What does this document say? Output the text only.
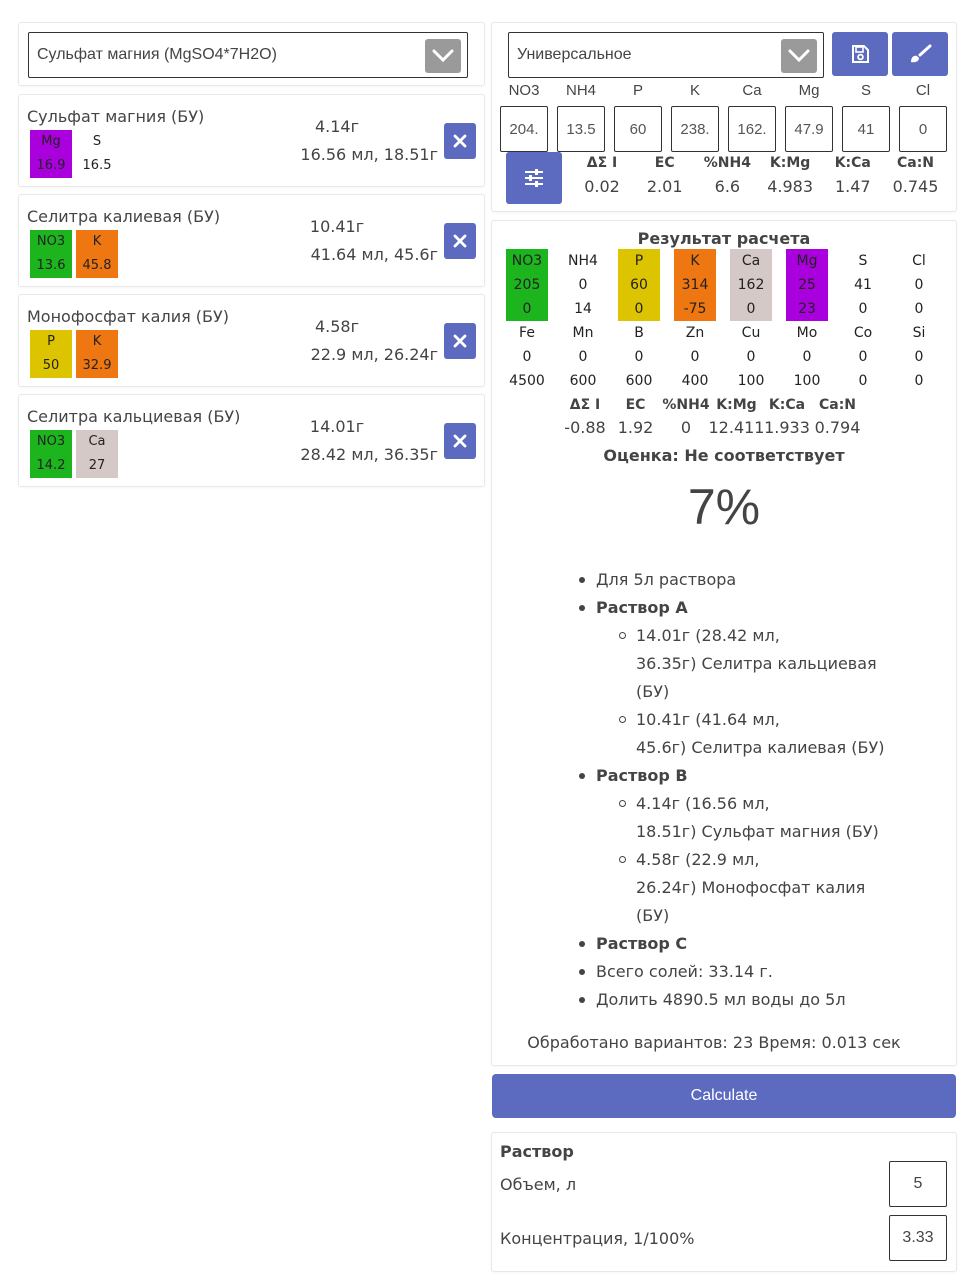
Сульфат магния (MgSO4*7H2O)
Сульфат магния (БУ)
4.14г
16.56 мл, 18.51г
Mg
16.9
S
16.5
Селитра калиевая (БУ)
10.41г
41.64 мл, 45.6г
NO3
13.6
K
45.8
Монофосфат калия (БУ)
4.58г
22.9 мл, 26.24г
P
50
K
32.9
Селитра кальциевая (БУ)
14.01г
28.42 мл, 36.35г
NO3
14.2
Ca
27
Универсальное
NO3
204.
NH4
13.5
P
60
K
238.
Ca
162.
Mg
47.9
S
41
Cl
0
ΔΣ I
0.02
EC
2.01
%NH4
6.6
K:Mg
4.983
K:Ca
1.47
Ca:N
0.745
Результат расчета
NO3
205
0
NH4
0
14
P
60
0
K
314
-75
Ca
162
0
Mg
25
23
S
41
0
Cl
0
0
Fe
0
4500
Mn
0
600
B
0
600
Zn
0
400
Cu
0
100
Mo
0
100
Co
0
0
Si
0
0
ΔΣ I
-0.88
EC
1.92
%NH4
0
K:Mg
12.411
K:Ca
1.933
Ca:N
0.794
Оценка: Не соответствует
7%
Для 5л раствора
Раствор A
14.01г (28.42 мл,
36.35г) Селитра кальциевая
(БУ)
10.41г (41.64 мл,
45.6г) Селитра калиевая (БУ)
Раствор B
4.14г (16.56 мл,
18.51г) Сульфат магния (БУ)
4.58г (22.9 мл,
26.24г) Монофосфат калия
(БУ)
Раствор C
Всего солей: 33.14 г.
Долить 4890.5 мл воды до 5л
Обработано вариантов: 23 Время: 0.013 сек
Calculate
Раствор
Объем, л	5
Концентрация, 1/100%	3.33
